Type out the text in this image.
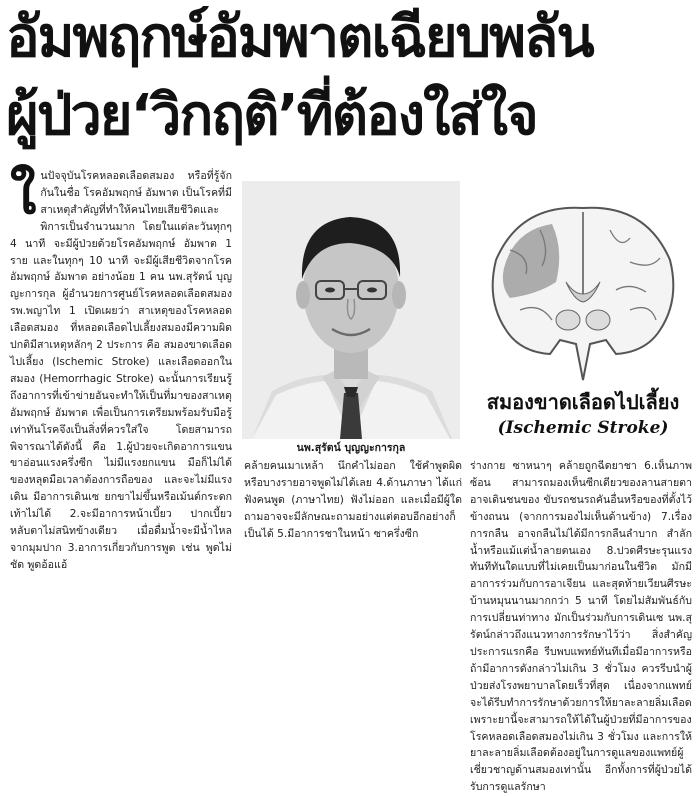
อัมพฤกษ์อัมพาตเฉียบพลัน
ผู้ป่วย‘วิกฤติ’ที่ต้องใส่ใจ
ใ นปัจจุบันโรคหลอดเลือดสมอง หรือที่รู้จักกันในชื่อ โรคอัมพฤกษ์ อัมพาต เป็นโรคที่มีสาเหตุสำคัญที่ทำให้คนไทยเสียชีวิตและพิการเป็นจำนวนมาก โดยในแต่ละวันทุกๆ 4 นาที จะมีผู้ป่วยด้วยโรคอัมพฤกษ์ อัมพาต 1 ราย และในทุกๆ 10 นาที จะมีผู้เสียชีวิตจากโรคอัมพฤกษ์ อัมพาต อย่างน้อย 1 คน นพ.สุรัตน์ บุญญะการกุล ผู้อำนวยการศูนย์โรคหลอดเลือดสมอง รพ.พญาไท 1 เปิดเผยว่า สาเหตุของโรคหลอดเลือดสมอง ที่หลอดเลือดไปเลี้ยงสมองมีความผิดปกติมีสาเหตุหลักๆ 2 ประการ คือ สมองขาดเลือดไปเลี้ยง (Ischemic Stroke) และเลือดออกในสมอง (Hemorrhagic Stroke) ฉะนั้นการเรียนรู้ถึงอาการที่เข้าข่ายอันจะทำให้เป็นที่มาของสาเหตุอัมพฤกษ์ อัมพาต เพื่อเป็นการเตรียมพร้อมรับมือรู้เท่าทันโรคจึงเป็นสิ่งที่ควรใส่ใจ โดยสามารถพิจารณาได้ดังนี้ คือ 1.ผู้ป่วยจะเกิดอาการแขนขาอ่อนแรงครึ่งซีก ไม่มีแรงยกแขน มือก็ไม่ได้ ของหลุดมือเวลาต้องการถือของ และจะไม่มีแรงเดิน มีอาการเดินเซ ยกขาไม่ขึ้นหรือเม้นต์กระดกเท้าไม่ได้ 2.จะมีอาการหน้าเบี้ยว ปากเบี้ยว หลับตาไม่สนิทข้างเดียว เมื่อดื่มน้ำจะมีน้ำไหลจากมุมปาก 3.อาการเกี่ยวกับการพูด เช่น พูดไม่ชัด พูดอ้อแอ้

นพ.สุรัตน์ บุญญะการกุล

คล้ายคนเมาเหล้า นึกคำไม่ออก ใช้คำพูดผิด หรือบางรายอาจพูดไม่ได้เลย 4.ด้านภาษา ได้แก่ ฟังคนพูด (ภาษาไทย) ฟังไม่ออก และเมื่อมีผู้ใดถามอาจจะมีลักษณะถามอย่างแต่ตอบอีกอย่างก็เป็นได้ 5.มีอาการชาในหน้า ซาครึ่งซีก

สมองขาดเลือดไปเลี้ยง
(Ischemic Stroke)

ร่างกาย ซาหนาๆ คล้ายถูกฉีดยาชา 6.เห็นภาพซ้อน สามารถมองเห็นซีกเดียวของลานสายตา อาจเดินชนของ ขับรถชนรถคันอื่นหรือของที่ตั้งไว้ข้างถนน (จากการมองไม่เห็นด้านข้าง) 7.เรื่องการกลืน อาจกลืนไม่ได้มีการกลืนลำบาก สำลักน้ำหรือแม้แต่น้ำลายตนเอง 8.ปวดศีรษะรุนแรงทันทีทันใดแบบที่ไม่เคยเป็นมาก่อนในชีวิต มักมีอาการร่วมกับการอาเจียน และสุดท้ายเวียนศีรษะบ้านหมุนนานมากกว่า 5 นาที โดยไม่สัมพันธ์กับการเปลี่ยนท่าทาง มักเป็นร่วมกับการเดินเซ นพ.สุรัตน์กล่าวถึงแนวทางการรักษาไว้ว่า สิ่งสำคัญประการแรกคือ รีบพบแพทย์ทันทีเมื่อมีอาการหรือถ้ามีอาการดังกล่าวไม่เกิน 3 ชั่วโมง ควรรีบนำผู้ป่วยส่งโรงพยาบาลโดยเร็วที่สุด เนื่องจากแพทย์จะได้รีบทำการรักษาด้วยการให้ยาละลายลิ่มเลือด เพราะยานี้จะสามารถให้ได้ในผู้ป่วยที่มีอาการของโรคหลอดเลือดสมองไม่เกิน 3 ชั่วโมง และการให้ยาละลายลิ่มเลือดต้องอยู่ในการดูแลของแพทย์ผู้เชี่ยวชาญด้านสมองเท่านั้น อีกทั้งการที่ผู้ป่วยได้รับการดูแลรักษา
